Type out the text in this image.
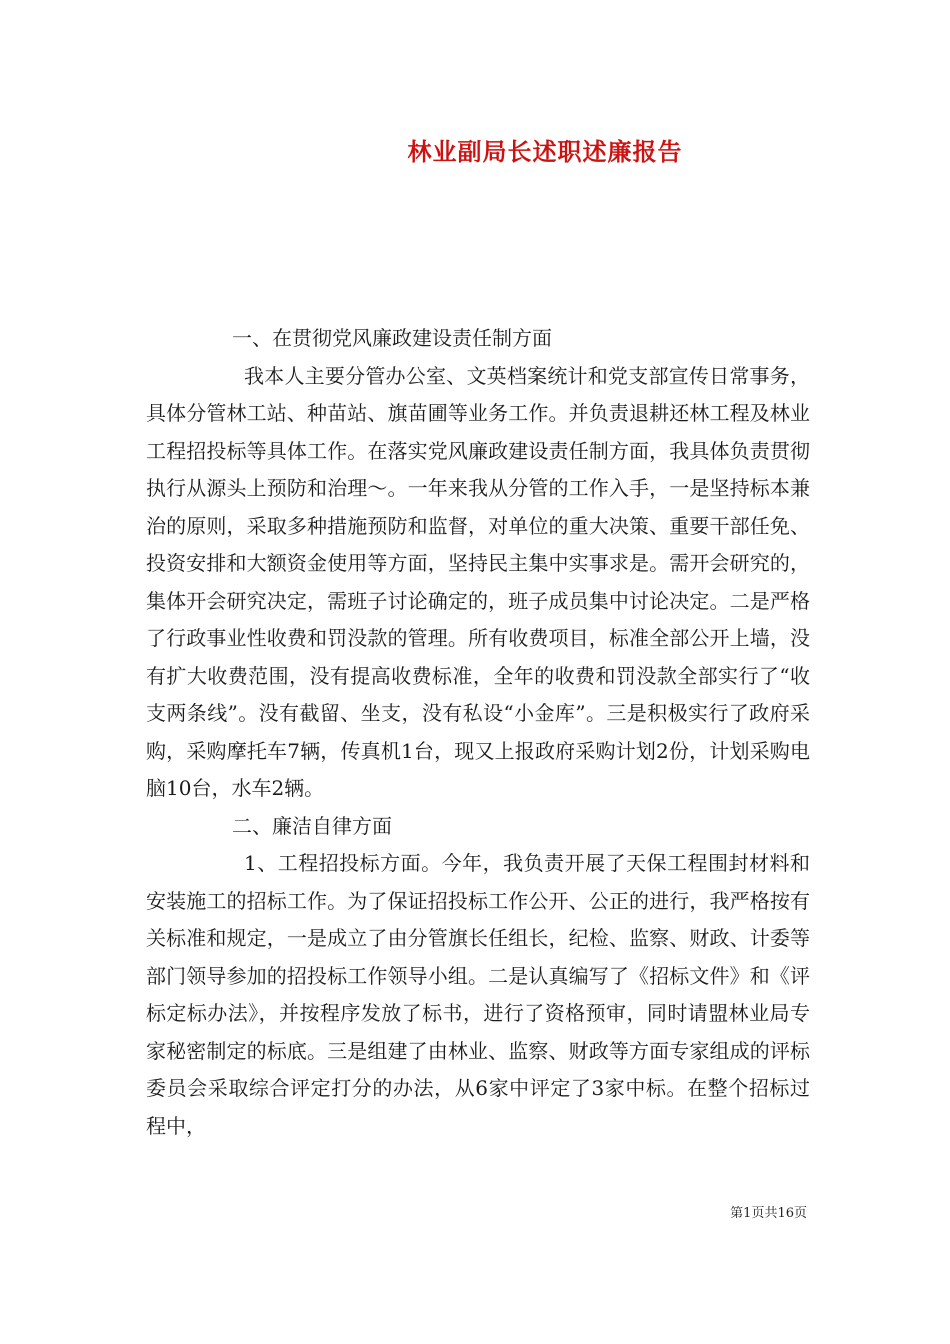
林业副局长述职述廉报告

一、在贯彻党风廉政建设责任制方面

我本人主要分管办公室、文英档案统计和党支部宣传日常事务，具体分管林工站、种苗站、旗苗圃等业务工作。并负责退耕还林工程及林业工程招投标等具体工作。在落实党风廉政建设责任制方面，我具体负责贯彻执行从源头上预防和治理～。一年来我从分管的工作入手，一是坚持标本兼治的原则，采取多种措施预防和监督，对单位的重大决策、重要干部任免、投资安排和大额资金使用等方面，坚持民主集中实事求是。需开会研究的，集体开会研究决定，需班子讨论确定的，班子成员集中讨论决定。二是严格了行政事业性收费和罚没款的管理。所有收费项目，标准全部公开上墙，没有扩大收费范围，没有提高收费标准，全年的收费和罚没款全部实行了“收支两条线”。没有截留、坐支，没有私设“小金库”。三是积极实行了政府采购，采购摩托车7辆，传真机1台，现又上报政府采购计划2份，计划采购电脑10台，水车2辆。

二、廉洁自律方面

1、工程招投标方面。今年，我负责开展了天保工程围封材料和安装施工的招标工作。为了保证招投标工作公开、公正的进行，我严格按有关标准和规定，一是成立了由分管旗长任组长，纪检、监察、财政、计委等部门领导参加的招投标工作领导小组。二是认真编写了《招标文件》和《评标定标办法》，并按程序发放了标书，进行了资格预审，同时请盟林业局专家秘密制定的标底。三是组建了由林业、监察、财政等方面专家组成的评标委员会采取综合评定打分的办法，从6家中评定了3家中标。在整个招标过程中，

第1页共16页
